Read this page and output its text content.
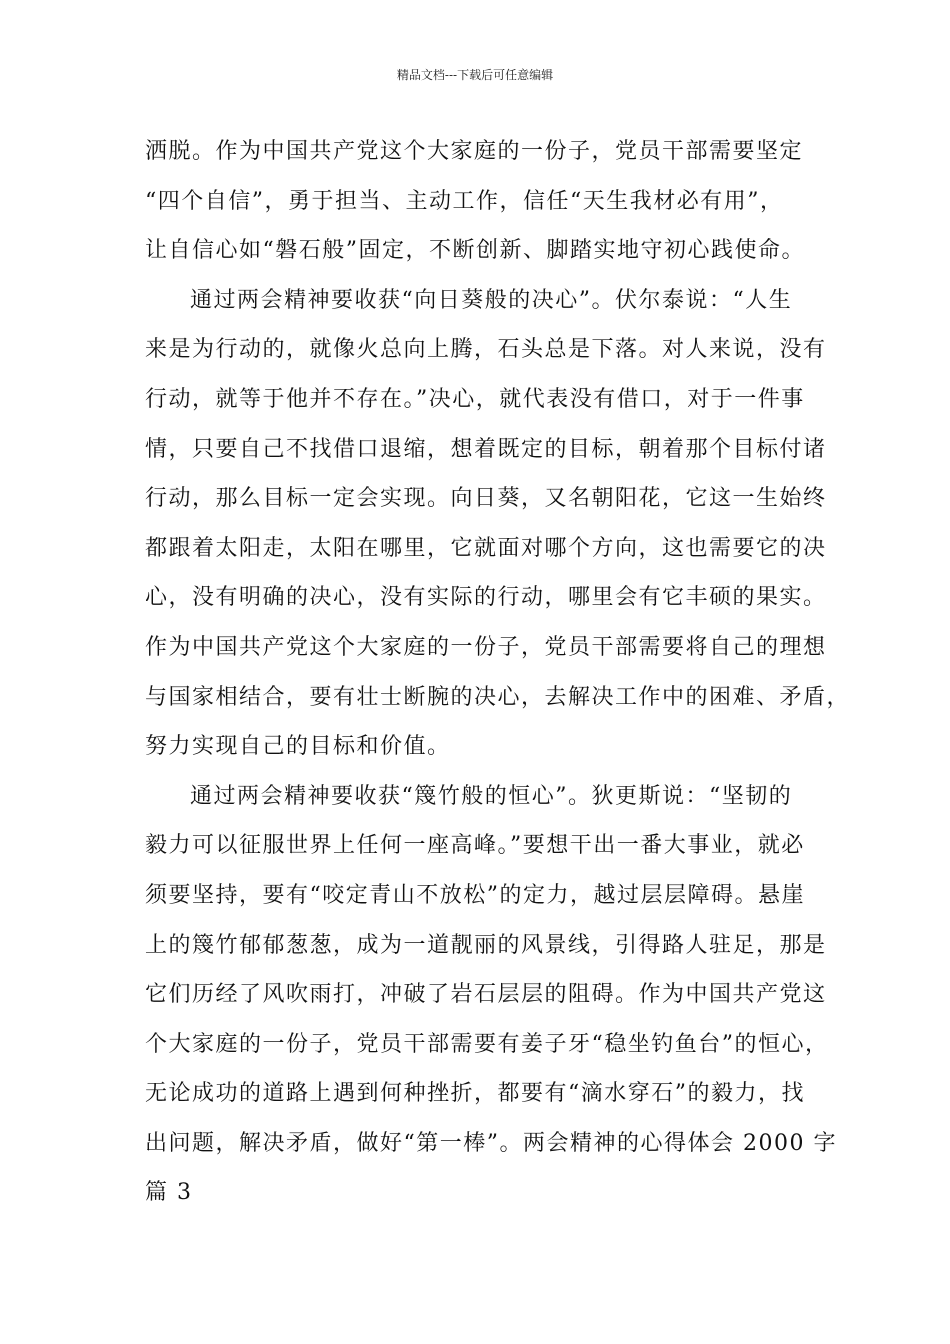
精品文档---下载后可任意编辑
洒脱。作为中国共产党这个大家庭的一份子，党员干部需要坚定
“四个自信”，勇于担当、主动工作，信任“天生我材必有用”，
让自信心如“磐石般”固定，不断创新、脚踏实地守初心践使命。
通过两会精神要收获“向日葵般的决心”。伏尔泰说：“人生
来是为行动的，就像火总向上腾，石头总是下落。对人来说，没有
行动，就等于他并不存在。”决心，就代表没有借口，对于一件事
情，只要自己不找借口退缩，想着既定的目标，朝着那个目标付诸
行动，那么目标一定会实现。向日葵，又名朝阳花，它这一生始终
都跟着太阳走，太阳在哪里，它就面对哪个方向，这也需要它的决
心，没有明确的决心，没有实际的行动，哪里会有它丰硕的果实。
作为中国共产党这个大家庭的一份子，党员干部需要将自己的理想
与国家相结合，要有壮士断腕的决心，去解决工作中的困难、矛盾，
努力实现自己的目标和价值。
通过两会精神要收获“篾竹般的恒心”。狄更斯说：“坚韧的
毅力可以征服世界上任何一座高峰。”要想干出一番大事业，就必
须要坚持，要有“咬定青山不放松”的定力，越过层层障碍。悬崖
上的篾竹郁郁葱葱，成为一道靓丽的风景线，引得路人驻足，那是
它们历经了风吹雨打，冲破了岩石层层的阻碍。作为中国共产党这
个大家庭的一份子，党员干部需要有姜子牙“稳坐钓鱼台”的恒心，
无论成功的道路上遇到何种挫折，都要有“滴水穿石”的毅力，找
出问题，解决矛盾，做好“第一棒”。两会精神的心得体会 2000 字
篇 3
